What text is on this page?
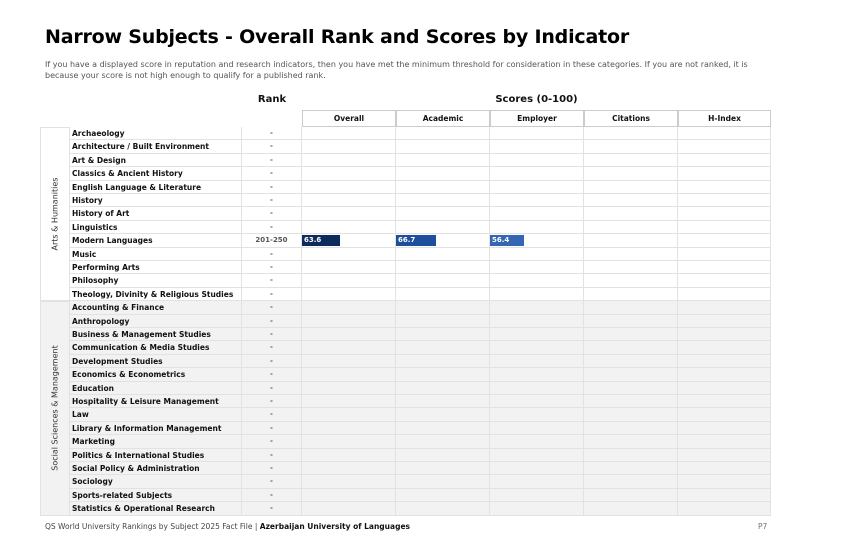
Narrow Subjects - Overall Rank and Scores by Indicator
If you have a displayed score in reputation and research indicators, then you have met the minimum threshold for consideration in these categories. If you are not ranked, it is because your score is not high enough to qualify for a published rank.
Rank	Scores (0-100)
Overall	Academic	Employer	Citations	H-Index
Archaeology	-
Architecture / Built Environment	-
Art & Design	-
Classics & Ancient History	-
English Language & Literature	-
History	-
History of Art	-
Linguistics	-
Modern Languages	201-250	63.6	66.7	56.4
Music	-
Performing Arts	-
Philosophy	-
Theology, Divinity & Religious Studies	-
Accounting & Finance	-
Anthropology	-
Business & Management Studies	-
Communication & Media Studies	-
Development Studies	-
Economics & Econometrics	-
Education	-
Hospitality & Leisure Management	-
Law	-
Library & Information Management	-
Marketing	-
Politics & International Studies	-
Social Policy & Administration	-
Sociology	-
Sports-related Subjects	-
Statistics & Operational Research	-
QS World University Rankings by Subject 2025 Fact File | Azerbaijan University of Languages	P7
Arts & Humanities
Social Sciences & Management
